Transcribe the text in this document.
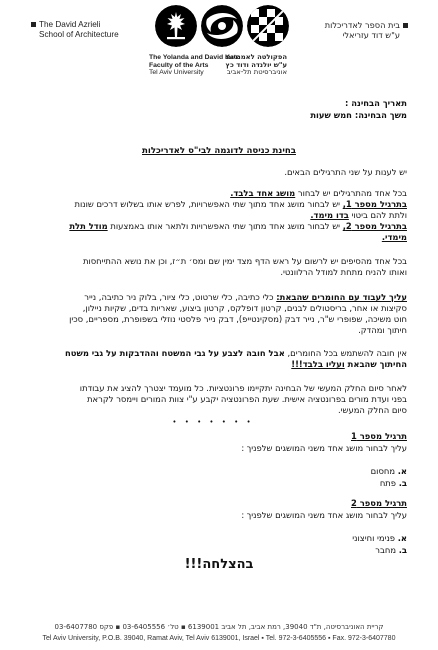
The David Azrieli
School of Architecture
בית הספר לאדריכלות
ע"ש דוד עזריאלי
The Yolanda and David Katz
Faculty of the Arts
Tel Aviv University
הפקולטה לאמנויות
ע"ש יולנדה ודוד כץ
אוניברסיטת תל-אביב
תאריך הבחינה :
משך הבחינה: חמש שעות
בחינת כניסה לדוגמה לבי"ס לאדריכלות
יש לענות על שני התרגילים הבאים.
בכל אחד מהתרגילים יש לבחור מושג אחד בלבד.
בתרגיל מספר 1, יש לבחור מושג אחד מתוך שתי האפשרויות, לפרש אותו בשלוש דרכים שונות
ולתת להם ביטוי בדו מימד.
בתרגיל מספר 2, יש לבחור מושג אחד מתוך שתי האפשרויות ולתאר אותו באמצעות מודל תלת
מימדי.
בכל אחד מהסיפים יש לרשום על ראש הדף מצד ימין שם ומס׳ ת״ז, וכן את נושא ההתייחסות
ואותו להניח מתחת למודל הרלוונטי.
עליך לעבוד עם החומרים שהבאת: כלי כתיבה, כלי שרטוט, כלי ציור, בלוק ניר כתיבה, נייר
סקיצות או אחר, בריסטולים לבנים, קרטון דופלקס, קרטון ביצוע, שאריות בדים, שקיות ניילון,
חוט משיכה, שפופרי ש"ר, נייר דבק (מסקינטייפ), דבק נייר פלסטי נוזלי בשפופרת, מספריים, סכין
חיתוך ומהדק.
אין חובה להשתמש בכל החומרים, אבל חובה לצבע על גבי המשטח וההדבקות על גבי משטח
החיתוך שהבאת ועליו בלבד!!!
לאחר סיום החלק המעשי של הבחינה יתקיימו פרונטציות. כל מועמד יצטרך להציג את עבודתו
בפני ועדת מורים בפרונטציה אישית. שעת הפרונטציה יקבע ע"י צוות המורים ויימסר לקראת
סיום החלק המעשי.
• • • • • • •
תרגיל מספר 1
עליך לבחור מושג אחד משני המושגים שלפניך :
א. מחסום
ב. פתח
תרגיל מספר 2
עליך לבחור מושג אחד משני המושגים שלפניך :
א. פנימי וחיצוני
ב. מחבר
בהצלחה!!!
קריית האוניברסיטה, ת"ד 39040, רמת אביב, תל אביב 6139001 ▪ טל׳ 03-6405556 ▪ פקס 03-6407780
Tel Aviv University, P.O.B. 39040, Ramat Aviv, Tel Aviv 6139001, Israel ▪ Tel. 972-3-6405556 ▪ Fax. 972-3-6407780
